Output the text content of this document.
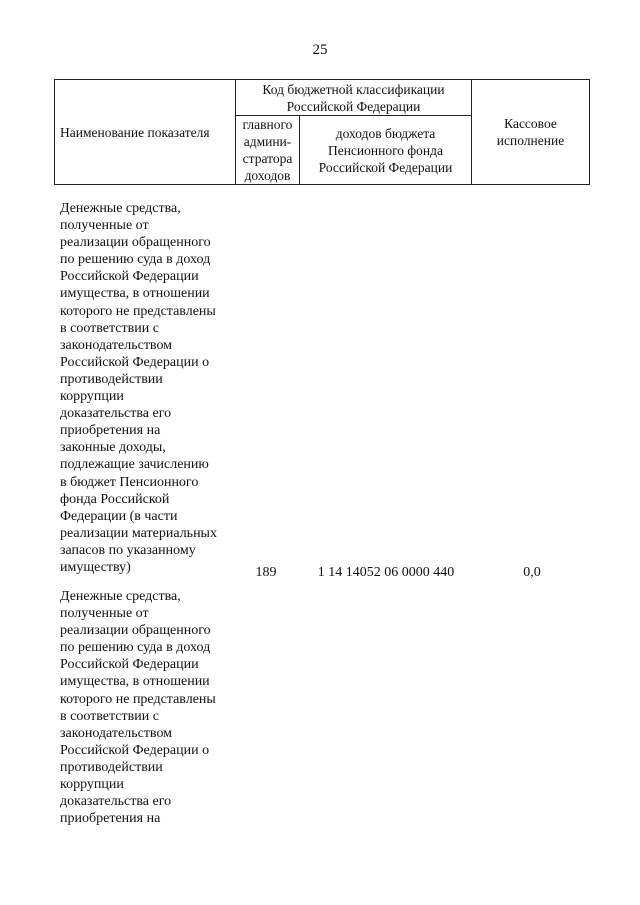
25
Наименование показателя	Код бюджетной классификации Российской Федерации		Кассовое исполнение
	главного админи-
стратора доходов	доходов бюджета Пенсионного фонда Российской Федерации	
Денежные средства,
полученные от
реализации обращенного
по решению суда в доход
Российской Федерации
имущества, в отношении
которого не представлены
в соответствии с
законодательством
Российской Федерации о
противодействии
коррупции
доказательства его
приобретения на
законные доходы,
подлежащие зачислению
в бюджет Пенсионного
фонда Российской
Федерации (в части
реализации материальных
запасов по указанному
имуществу)	189	1 14 14052 06 0000 440	0,0
Денежные средства,
полученные от
реализации обращенного
по решению суда в доход
Российской Федерации
имущества, в отношении
которого не представлены
в соответствии с
законодательством
Российской Федерации о
противодействии
коррупции
доказательства его
приобретения на
